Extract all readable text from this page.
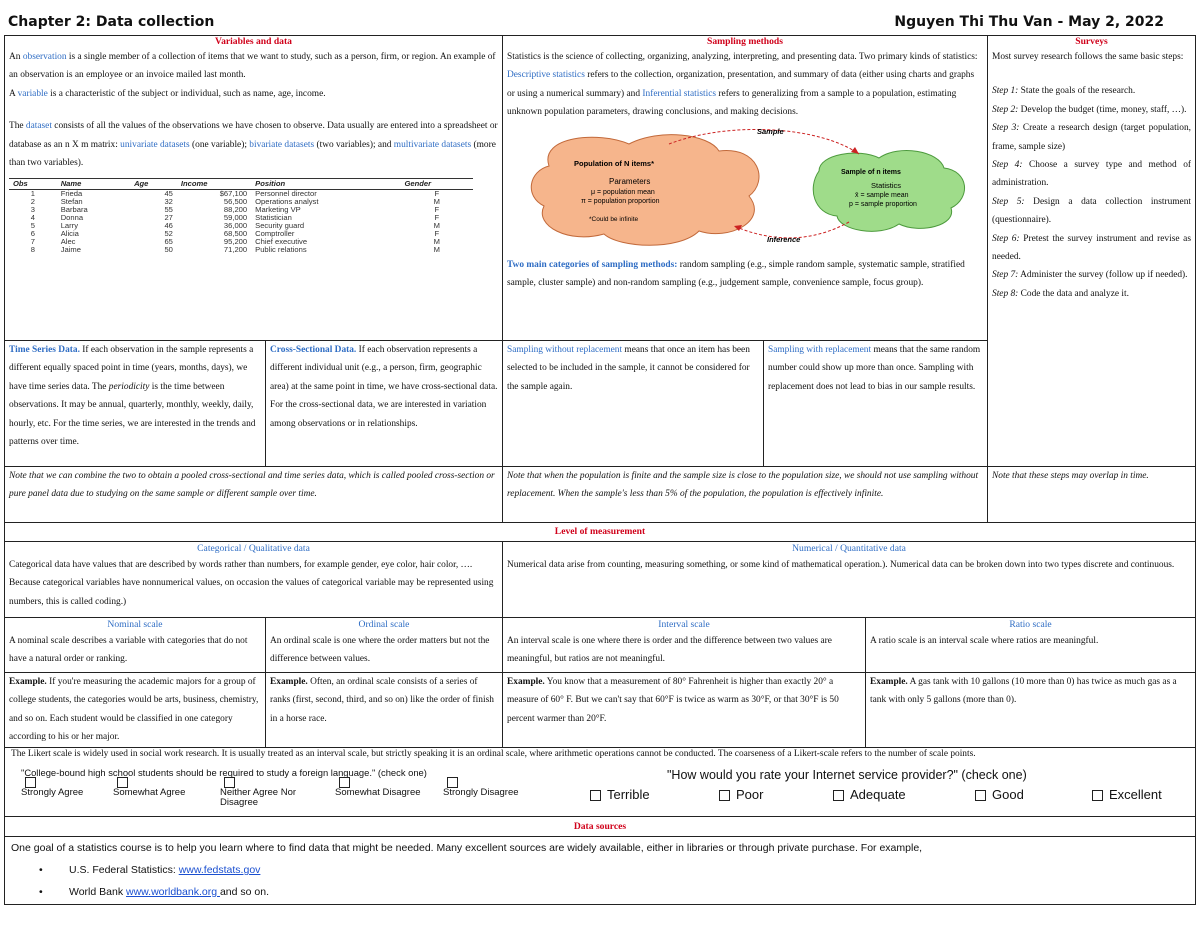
Chapter 2: Data collection	Nguyen Thi Thu Van - May 2, 2022
Variables and data

An observation is a single member of a collection of items that we want to study, such as a person, firm, or region. An example of an observation is an employee or an invoice mailed last month.

A variable is a characteristic of the subject or individual, such as name, age, income.

The dataset consists of all the values of the observations we have chosen to observe. Data usually are entered into a spreadsheet or database as an n X m matrix: univariate datasets (one variable); bivariate datasets (two variables); and multivariate datasets (more than two variables).

Obs	Name	Age	Income	Position	Gender
1	Frieda	45	$67,100	Personnel director	F
2	Stefan	32	56,500	Operations analyst	M
3	Barbara	55	88,200	Marketing VP	F
4	Donna	27	59,000	Statistician	F
5	Larry	46	36,000	Security guard	M
6	Alicia	52	68,500	Comptroller	F
7	Alec	65	95,200	Chief executive	M
8	Jaime	50	71,200	Public relations	M

Time Series Data. If each observation in the sample represents a different equally spaced point in time (years, months, days), we have time series data. The periodicity is the time between observations. It may be annual, quarterly, monthly, weekly, daily, hourly, etc. For the time series, we are interested in the trends and patterns over time.

Cross-Sectional Data. If each observation represents a different individual unit (e.g., a person, firm, geographic area) at the same point in time, we have cross-sectional data. For the cross-sectional data, we are interested in variation among observations or in relationships.

Note that we can combine the two to obtain a pooled cross-sectional and time series data, which is called pooled cross-section or pure panel data due to studying on the same sample or different sample over time.

Sampling methods

Statistics is the science of collecting, organizing, analyzing, interpreting, and presenting data. Two primary kinds of statistics: Descriptive statistics refers to the collection, organization, presentation, and summary of data (either using charts and graphs or using a numerical summary) and Inferential statistics refers to generalizing from a sample to a population, estimating unknown population parameters, drawing conclusions, and making decisions.

Sample
Inference
Population of N items*
Parameters
μ = population mean
π = population proportion
*Could be infinite
Sample of n items
Statistics
x̄ = sample mean
p = sample proportion

Two main categories of sampling methods: random sampling (e.g., simple random sample, systematic sample, stratified sample, cluster sample) and non-random sampling (e.g., judgement sample, convenience sample, focus group).

Sampling without replacement means that once an item has been selected to be included in the sample, it cannot be considered for the sample again.

Sampling with replacement means that the same random number could show up more than once. Sampling with replacement does not lead to bias in our sample results.

Note that when the population is finite and the sample size is close to the population size, we should not use sampling without replacement. When the sample's less than 5% of the population, the population is effectively infinite.

Surveys

Most survey research follows the same basic steps:

Step 1: State the goals of the research.

Step 2: Develop the budget (time, money, staff, …).

Step 3: Create a research design (target population, frame, sample size)

Step 4: Choose a survey type and method of administration.

Step 5: Design a data collection instrument (questionnaire).

Step 6: Pretest the survey instrument and revise as needed.

Step 7: Administer the survey (follow up if needed).

Step 8: Code the data and analyze it.

Note that these steps may overlap in time.

Level of measurement
Categorical / Qualitative data

Categorical data have values that are described by words rather than numbers, for example gender, eye color, hair color, …. Because categorical variables have nonnumerical values, on occasion the values of categorical variable may be represented using numbers, this is called coding.)

Numerical / Quantitative data

Numerical data arise from counting, measuring something, or some kind of mathematical operation.). Numerical data can be broken down into two types discrete and continuous.

Nominal scale

A nominal scale describes a variable with categories that do not have a natural order or ranking.

Ordinal scale

An ordinal scale is one where the order matters but not the difference between values.

Interval scale

An interval scale is one where there is order and the difference between two values are meaningful, but ratios are not meaningful.

Ratio scale

A ratio scale is an interval scale where ratios are meaningful.

Example. If you're measuring the academic majors for a group of college students, the categories would be arts, business, chemistry, and so on. Each student would be classified in one category according to his or her major.

Example. Often, an ordinal scale consists of a series of ranks (first, second, third, and so on) like the order of finish in a horse race.

Example. You know that a measurement of 80° Fahrenheit is higher than exactly 20° a measure of 60° F. But we can't say that 60°F is twice as warm as 30°F, or that 30°F is 50 percent warmer than 20°F.

Example. A gas tank with 10 gallons (10 more than 0) has twice as much gas as a tank with only 5 gallons (more than 0).

The Likert scale is widely used in social work research. It is usually treated as an interval scale, but strictly speaking it is an ordinal scale, where arithmetic operations cannot be conducted. The coarseness of a Likert-scale refers to the number of scale points.
"College-bound high school students should be required to study a foreign language." (check one)

Strongly Agree	Somewhat Agree	Neither Agree Nor Disagree

Somewhat Disagree	Strongly Disagree
"How would you rate your Internet service provider?" (check one)
Terrible	Poor	Adequate	Good	Excellent
Data sources

One goal of a statistics course is to help you learn where to find data that might be needed. Many excellent sources are widely available, either in libraries or through private purchase. For example,

•	U.S. Federal Statistics: www.fedstats.gov

•	World Bank www.worldbank.org and so on.
